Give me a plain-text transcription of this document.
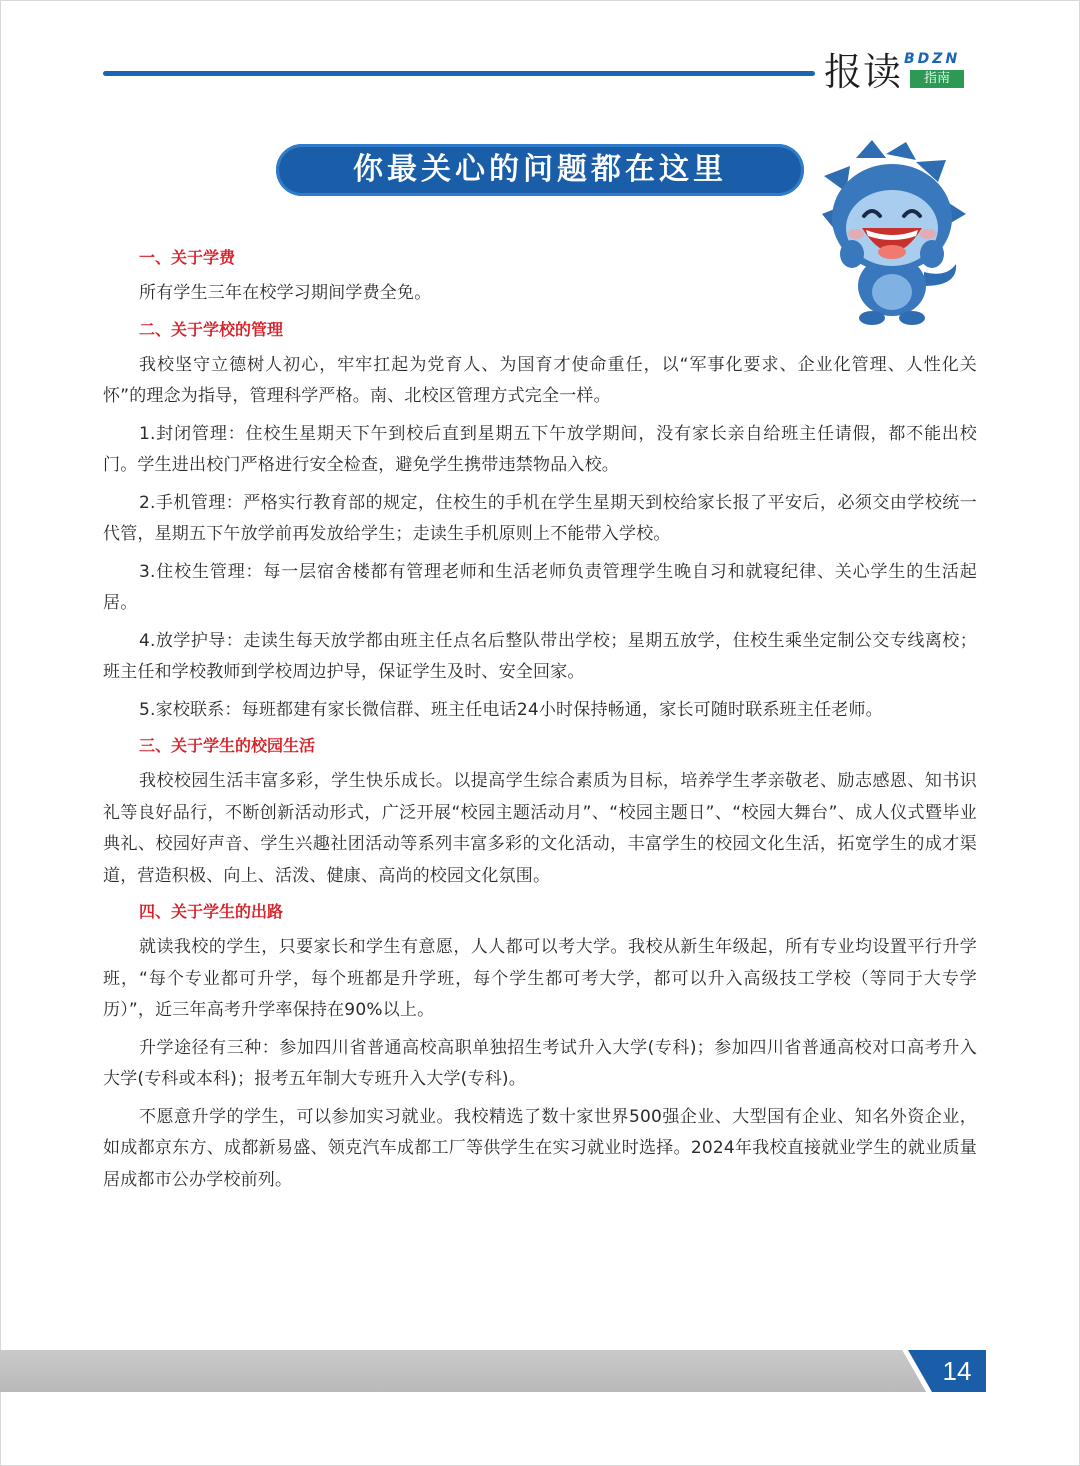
报读 BDZN
指南
你最关心的问题都在这里
一、关于学费

所有学生三年在校学习期间学费全免。

二、关于学校的管理

我校坚守立德树人初心，牢牢扛起为党育人、为国育才使命重任，以“军事化要求、企业化管理、人性化关怀”的理念为指导，管理科学严格。南、北校区管理方式完全一样。

1.封闭管理：住校生星期天下午到校后直到星期五下午放学期间，没有家长亲自给班主任请假，都不能出校门。学生进出校门严格进行安全检查，避免学生携带违禁物品入校。

2.手机管理：严格实行教育部的规定，住校生的手机在学生星期天到校给家长报了平安后，必须交由学校统一代管，星期五下午放学前再发放给学生；走读生手机原则上不能带入学校。

3.住校生管理：每一层宿舍楼都有管理老师和生活老师负责管理学生晚自习和就寝纪律、关心学生的生活起居。

4.放学护导：走读生每天放学都由班主任点名后整队带出学校；星期五放学，住校生乘坐定制公交专线离校；班主任和学校教师到学校周边护导，保证学生及时、安全回家。

5.家校联系：每班都建有家长微信群、班主任电话24小时保持畅通，家长可随时联系班主任老师。

三、关于学生的校园生活

我校校园生活丰富多彩，学生快乐成长。以提高学生综合素质为目标，培养学生孝亲敬老、励志感恩、知书识礼等良好品行，不断创新活动形式，广泛开展“校园主题活动月”、“校园主题日”、“校园大舞台”、成人仪式暨毕业典礼、校园好声音、学生兴趣社团活动等系列丰富多彩的文化活动，丰富学生的校园文化生活，拓宽学生的成才渠道，营造积极、向上、活泼、健康、高尚的校园文化氛围。

四、关于学生的出路

就读我校的学生，只要家长和学生有意愿，人人都可以考大学。我校从新生年级起，所有专业均设置平行升学班，“每个专业都可升学，每个班都是升学班，每个学生都可考大学，都可以升入高级技工学校（等同于大专学历）”，近三年高考升学率保持在90%以上。

升学途径有三种：参加四川省普通高校高职单独招生考试升入大学(专科)；参加四川省普通高校对口高考升入大学(专科或本科)；报考五年制大专班升入大学(专科)。

不愿意升学的学生，可以参加实习就业。我校精选了数十家世界500强企业、大型国有企业、知名外资企业，如成都京东方、成都新易盛、领克汽车成都工厂等供学生在实习就业时选择。2024年我校直接就业学生的就业质量居成都市公办学校前列。

14
